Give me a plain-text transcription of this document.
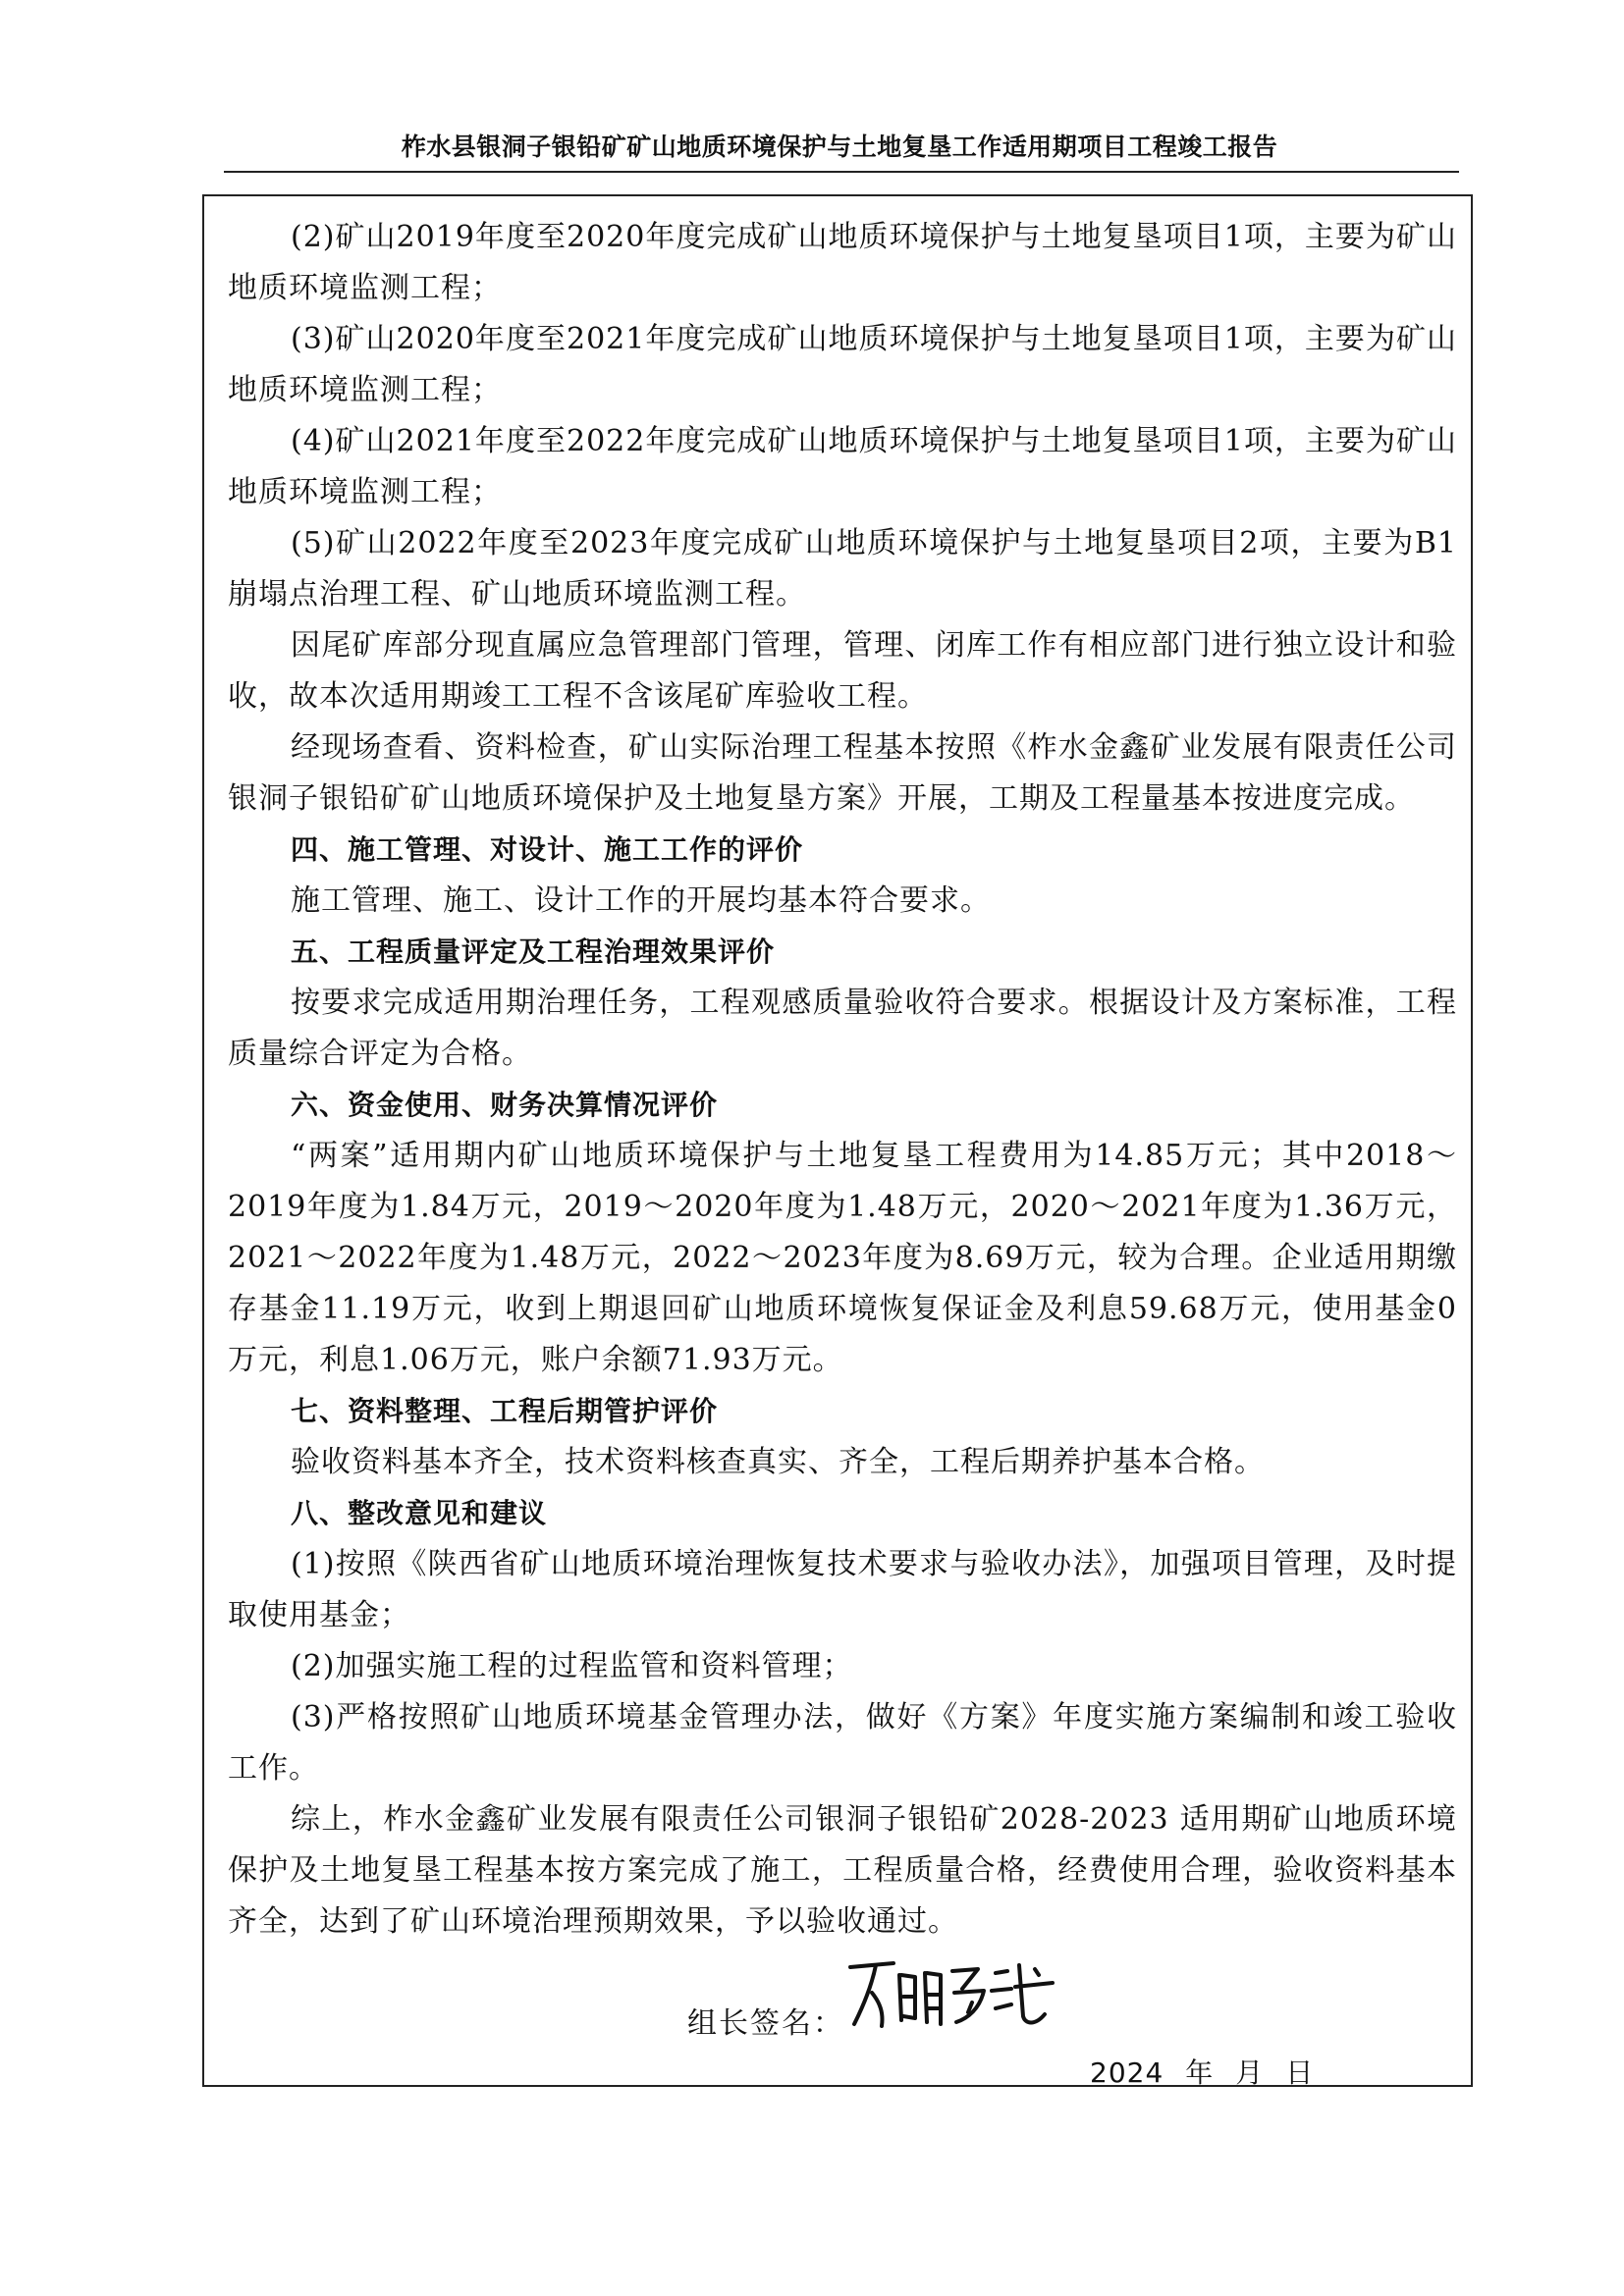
柞水县银洞子银铅矿矿山地质环境保护与土地复垦工作适用期项目工程竣工报告

(2)矿山2019年度至2020年度完成矿山地质环境保护与土地复垦项目1项，主要为矿山地质环境监测工程；

(3)矿山2020年度至2021年度完成矿山地质环境保护与土地复垦项目1项，主要为矿山地质环境监测工程；

(4)矿山2021年度至2022年度完成矿山地质环境保护与土地复垦项目1项，主要为矿山地质环境监测工程；

(5)矿山2022年度至2023年度完成矿山地质环境保护与土地复垦项目2项，主要为B1崩塌点治理工程、矿山地质环境监测工程。

因尾矿库部分现直属应急管理部门管理，管理、闭库工作有相应部门进行独立设计和验收，故本次适用期竣工工程不含该尾矿库验收工程。

经现场查看、资料检查，矿山实际治理工程基本按照《柞水金鑫矿业发展有限责任公司银洞子银铅矿矿山地质环境保护及土地复垦方案》开展，工期及工程量基本按进度完成。

四、施工管理、对设计、施工工作的评价

施工管理、施工、设计工作的开展均基本符合要求。

五、工程质量评定及工程治理效果评价

按要求完成适用期治理任务，工程观感质量验收符合要求。根据设计及方案标准，工程质量综合评定为合格。

六、资金使用、财务决算情况评价

“两案”适用期内矿山地质环境保护与土地复垦工程费用为14.85万元；其中2018～2019年度为1.84万元，2019～2020年度为1.48万元，2020～2021年度为1.36万元，2021～2022年度为1.48万元，2022～2023年度为8.69万元，较为合理。企业适用期缴存基金11.19万元，收到上期退回矿山地质环境恢复保证金及利息59.68万元，使用基金0万元，利息1.06万元，账户余额71.93万元。

七、资料整理、工程后期管护评价

验收资料基本齐全，技术资料核查真实、齐全，工程后期养护基本合格。

八、整改意见和建议

(1)按照《陕西省矿山地质环境治理恢复技术要求与验收办法》，加强项目管理，及时提取使用基金；

(2)加强实施工程的过程监管和资料管理；

(3)严格按照矿山地质环境基金管理办法，做好《方案》年度实施方案编制和竣工验收工作。

综上，柞水金鑫矿业发展有限责任公司银洞子银铅矿2028-2023 适用期矿山地质环境保护及土地复垦工程基本按方案完成了施工，工程质量合格，经费使用合理，验收资料基本齐全，达到了矿山环境治理预期效果，予以验收通过。

组长签名：
2024 年 月 日
